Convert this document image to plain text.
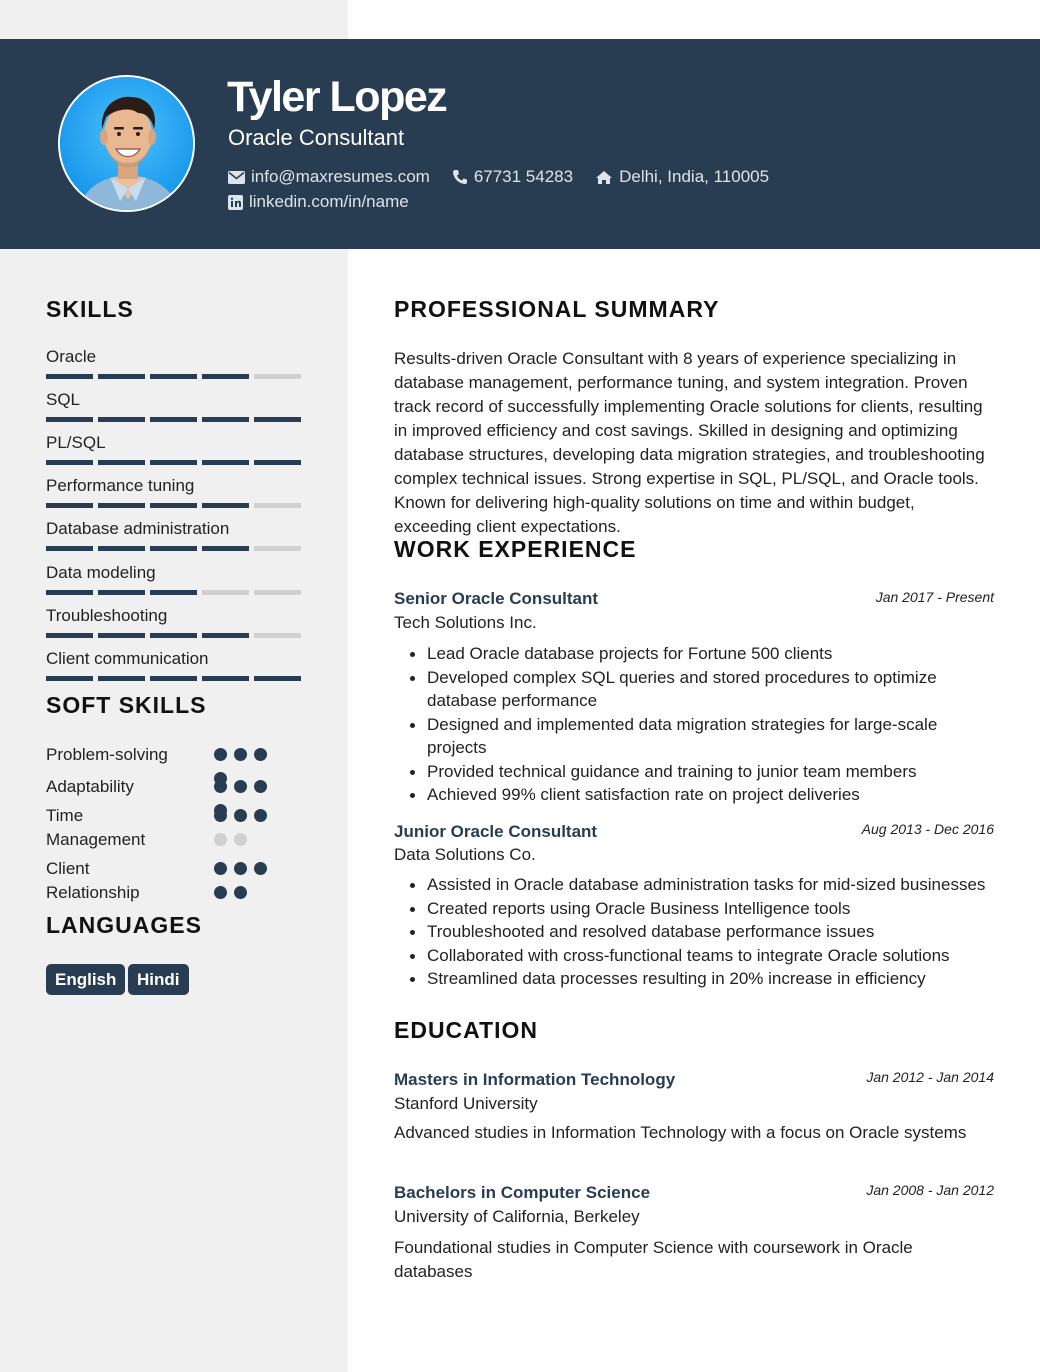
Tyler Lopez
Oracle Consultant
info@maxresumes.com	67731 54283	Delhi, India, 110005
linkedin.com/in/name
SKILLS
Oracle
SQL
PL/SQL
Performance tuning
Database administration
Data modeling
Troubleshooting
Client communication
SOFT SKILLS
Problem-solving
Adaptability
Time Management
Client Relationship
LANGUAGES
English	Hindi
PROFESSIONAL SUMMARY
Results-driven Oracle Consultant with 8 years of experience specializing in database management, performance tuning, and system integration. Proven track record of successfully implementing Oracle solutions for clients, resulting in improved efficiency and cost savings. Skilled in designing and optimizing database structures, developing data migration strategies, and troubleshooting complex technical issues. Strong expertise in SQL, PL/SQL, and Oracle tools. Known for delivering high-quality solutions on time and within budget, exceeding client expectations.
WORK EXPERIENCE
Senior Oracle Consultant	Jan 2017 - Present
Tech Solutions Inc.
Lead Oracle database projects for Fortune 500 clients
Developed complex SQL queries and stored procedures to optimize database performance
Designed and implemented data migration strategies for large-scale projects
Provided technical guidance and training to junior team members
Achieved 99% client satisfaction rate on project deliveries
Junior Oracle Consultant	Aug 2013 - Dec 2016
Data Solutions Co.
Assisted in Oracle database administration tasks for mid-sized businesses
Created reports using Oracle Business Intelligence tools
Troubleshooted and resolved database performance issues
Collaborated with cross-functional teams to integrate Oracle solutions
Streamlined data processes resulting in 20% increase in efficiency
EDUCATION
Masters in Information Technology	Jan 2012 - Jan 2014
Stanford University
Advanced studies in Information Technology with a focus on Oracle systems
Bachelors in Computer Science	Jan 2008 - Jan 2012
University of California, Berkeley
Foundational studies in Computer Science with coursework in Oracle databases
